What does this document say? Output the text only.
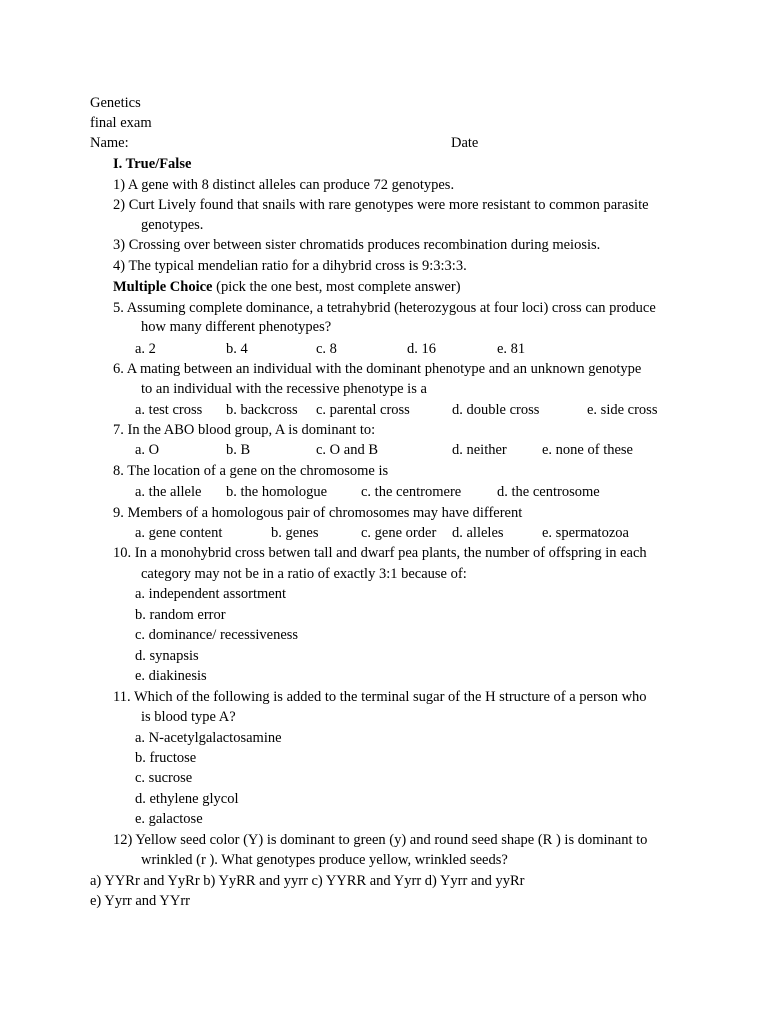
Genetics
final exam
Name:	Date
I. True/False
1) A gene with 8 distinct alleles can produce 72 genotypes.
2) Curt Lively found that snails with rare genotypes were more resistant to common parasite
genotypes.
3) Crossing over between sister chromatids produces recombination during meiosis.
4) The typical mendelian ratio for a dihybrid cross is 9:3:3:3.
Multiple Choice (pick the one best, most complete answer)
5. Assuming complete dominance, a tetrahybrid (heterozygous at four loci) cross can produce
how many different phenotypes?
a. 2	b. 4	c. 8	d. 16	e. 81
6. A mating between an individual with the dominant phenotype and an unknown genotype
to an individual with the recessive phenotype is a
a. test cross b. backcross c. parental cross	d. double cross	e. side cross
7. In the ABO blood group, A is dominant to:
a. O	b. B	c. O and B	d. neither e. none of these
8. The location of a gene on the chromosome is
a. the allele b. the homologue c. the centromere d. the centrosome
9. Members of a homologous pair of chromosomes may have different
a. gene content	b. genes	c. gene order d. alleles	e. spermatozoa
10. In a monohybrid cross betwen tall and dwarf pea plants, the number of offspring in each
category may not be in a ratio of exactly 3:1 because of:
a. independent assortment
b. random error
c. dominance/ recessiveness
d. synapsis
e. diakinesis
11. Which of the following is added to the terminal sugar of the H structure of a person who
is blood type A?
a. N-acetylgalactosamine
b. fructose
c. sucrose
d. ethylene glycol
e. galactose
12) Yellow seed color (Y) is dominant to green (y) and round seed shape (R ) is dominant to
wrinkled (r ). What genotypes produce yellow, wrinkled seeds?
a) YYRr and YyRr b) YyRR and yyrr c) YYRR and Yyrr d) Yyrr and yyRr
e) Yyrr and YYrr
